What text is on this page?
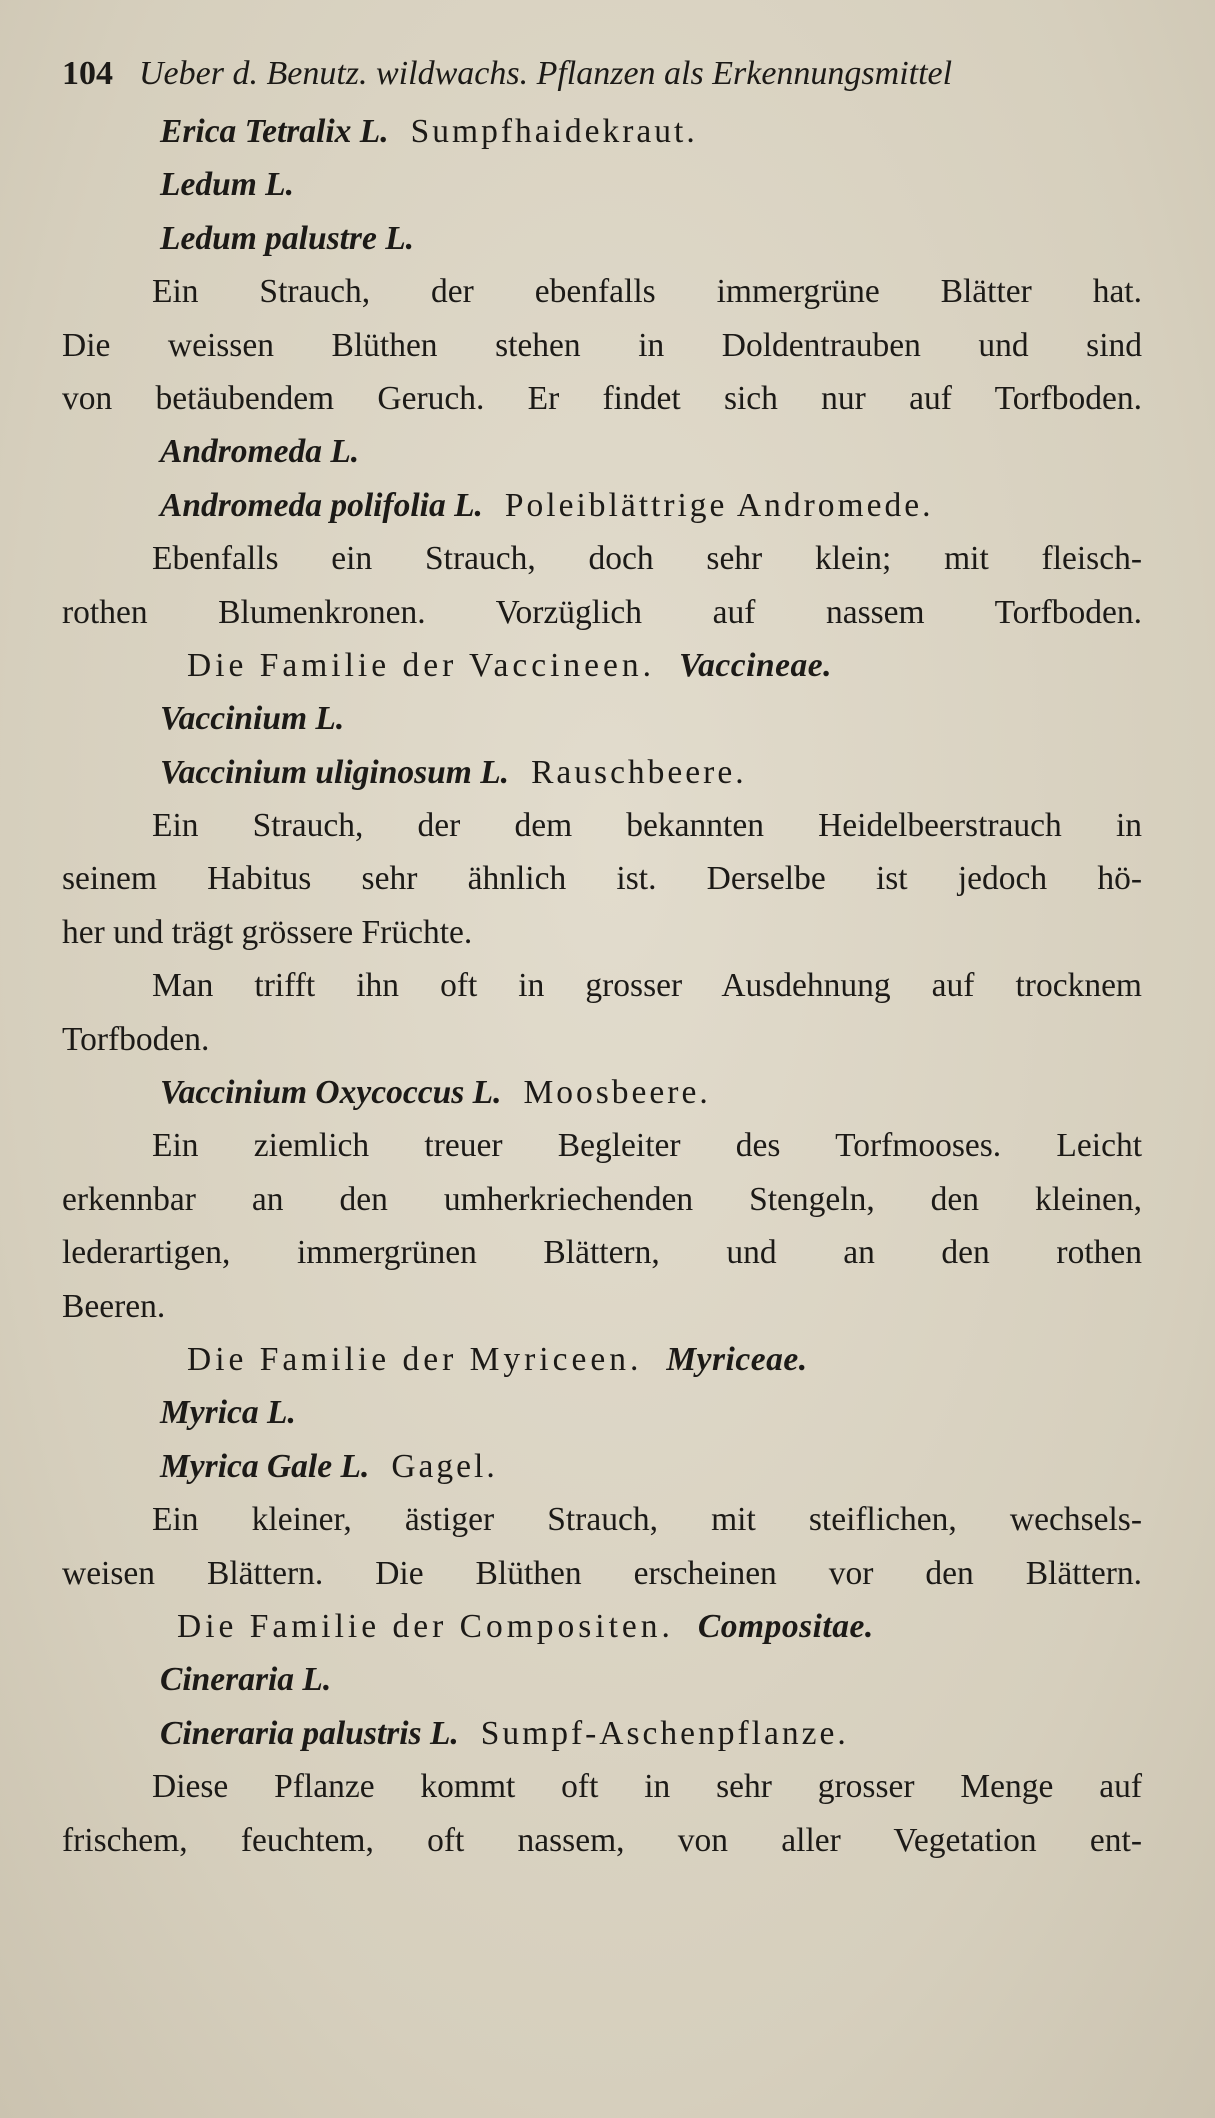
104 Ueber d. Benutz. wildwachs. Pflanzen als Erkennungsmittel
Erica Tetralix L. Sumpfhaidekraut.
Ledum L.
Ledum palustre L.
Ein Strauch, der ebenfalls immergrüne Blätter hat.
Die weissen Blüthen stehen in Doldentrauben und sind
von betäubendem Geruch. Er findet sich nur auf Torfboden.
Andromeda L.
Andromeda polifolia L. Poleiblättrige Andromede.
Ebenfalls ein Strauch, doch sehr klein; mit fleisch-
rothen Blumenkronen. Vorzüglich auf nassem Torfboden.
Die Familie der Vaccineen. Vaccineae.
Vaccinium L.
Vaccinium uliginosum L. Rauschbeere.
Ein Strauch, der dem bekannten Heidelbeerstrauch in
seinem Habitus sehr ähnlich ist. Derselbe ist jedoch hö-
her und trägt grössere Früchte.
Man trifft ihn oft in grosser Ausdehnung auf trocknem
Torfboden.
Vaccinium Oxycoccus L. Moosbeere.
Ein ziemlich treuer Begleiter des Torfmooses. Leicht
erkennbar an den umherkriechenden Stengeln, den kleinen,
lederartigen, immergrünen Blättern, und an den rothen
Beeren.
Die Familie der Myriceen. Myriceae.
Myrica L.
Myrica Gale L. Gagel.
Ein kleiner, ästiger Strauch, mit steiflichen, wechsels-
weisen Blättern. Die Blüthen erscheinen vor den Blättern.
Die Familie der Compositen. Compositae.
Cineraria L.
Cineraria palustris L. Sumpf-Aschenpflanze.
Diese Pflanze kommt oft in sehr grosser Menge auf
frischem, feuchtem, oft nassem, von aller Vegetation ent-
